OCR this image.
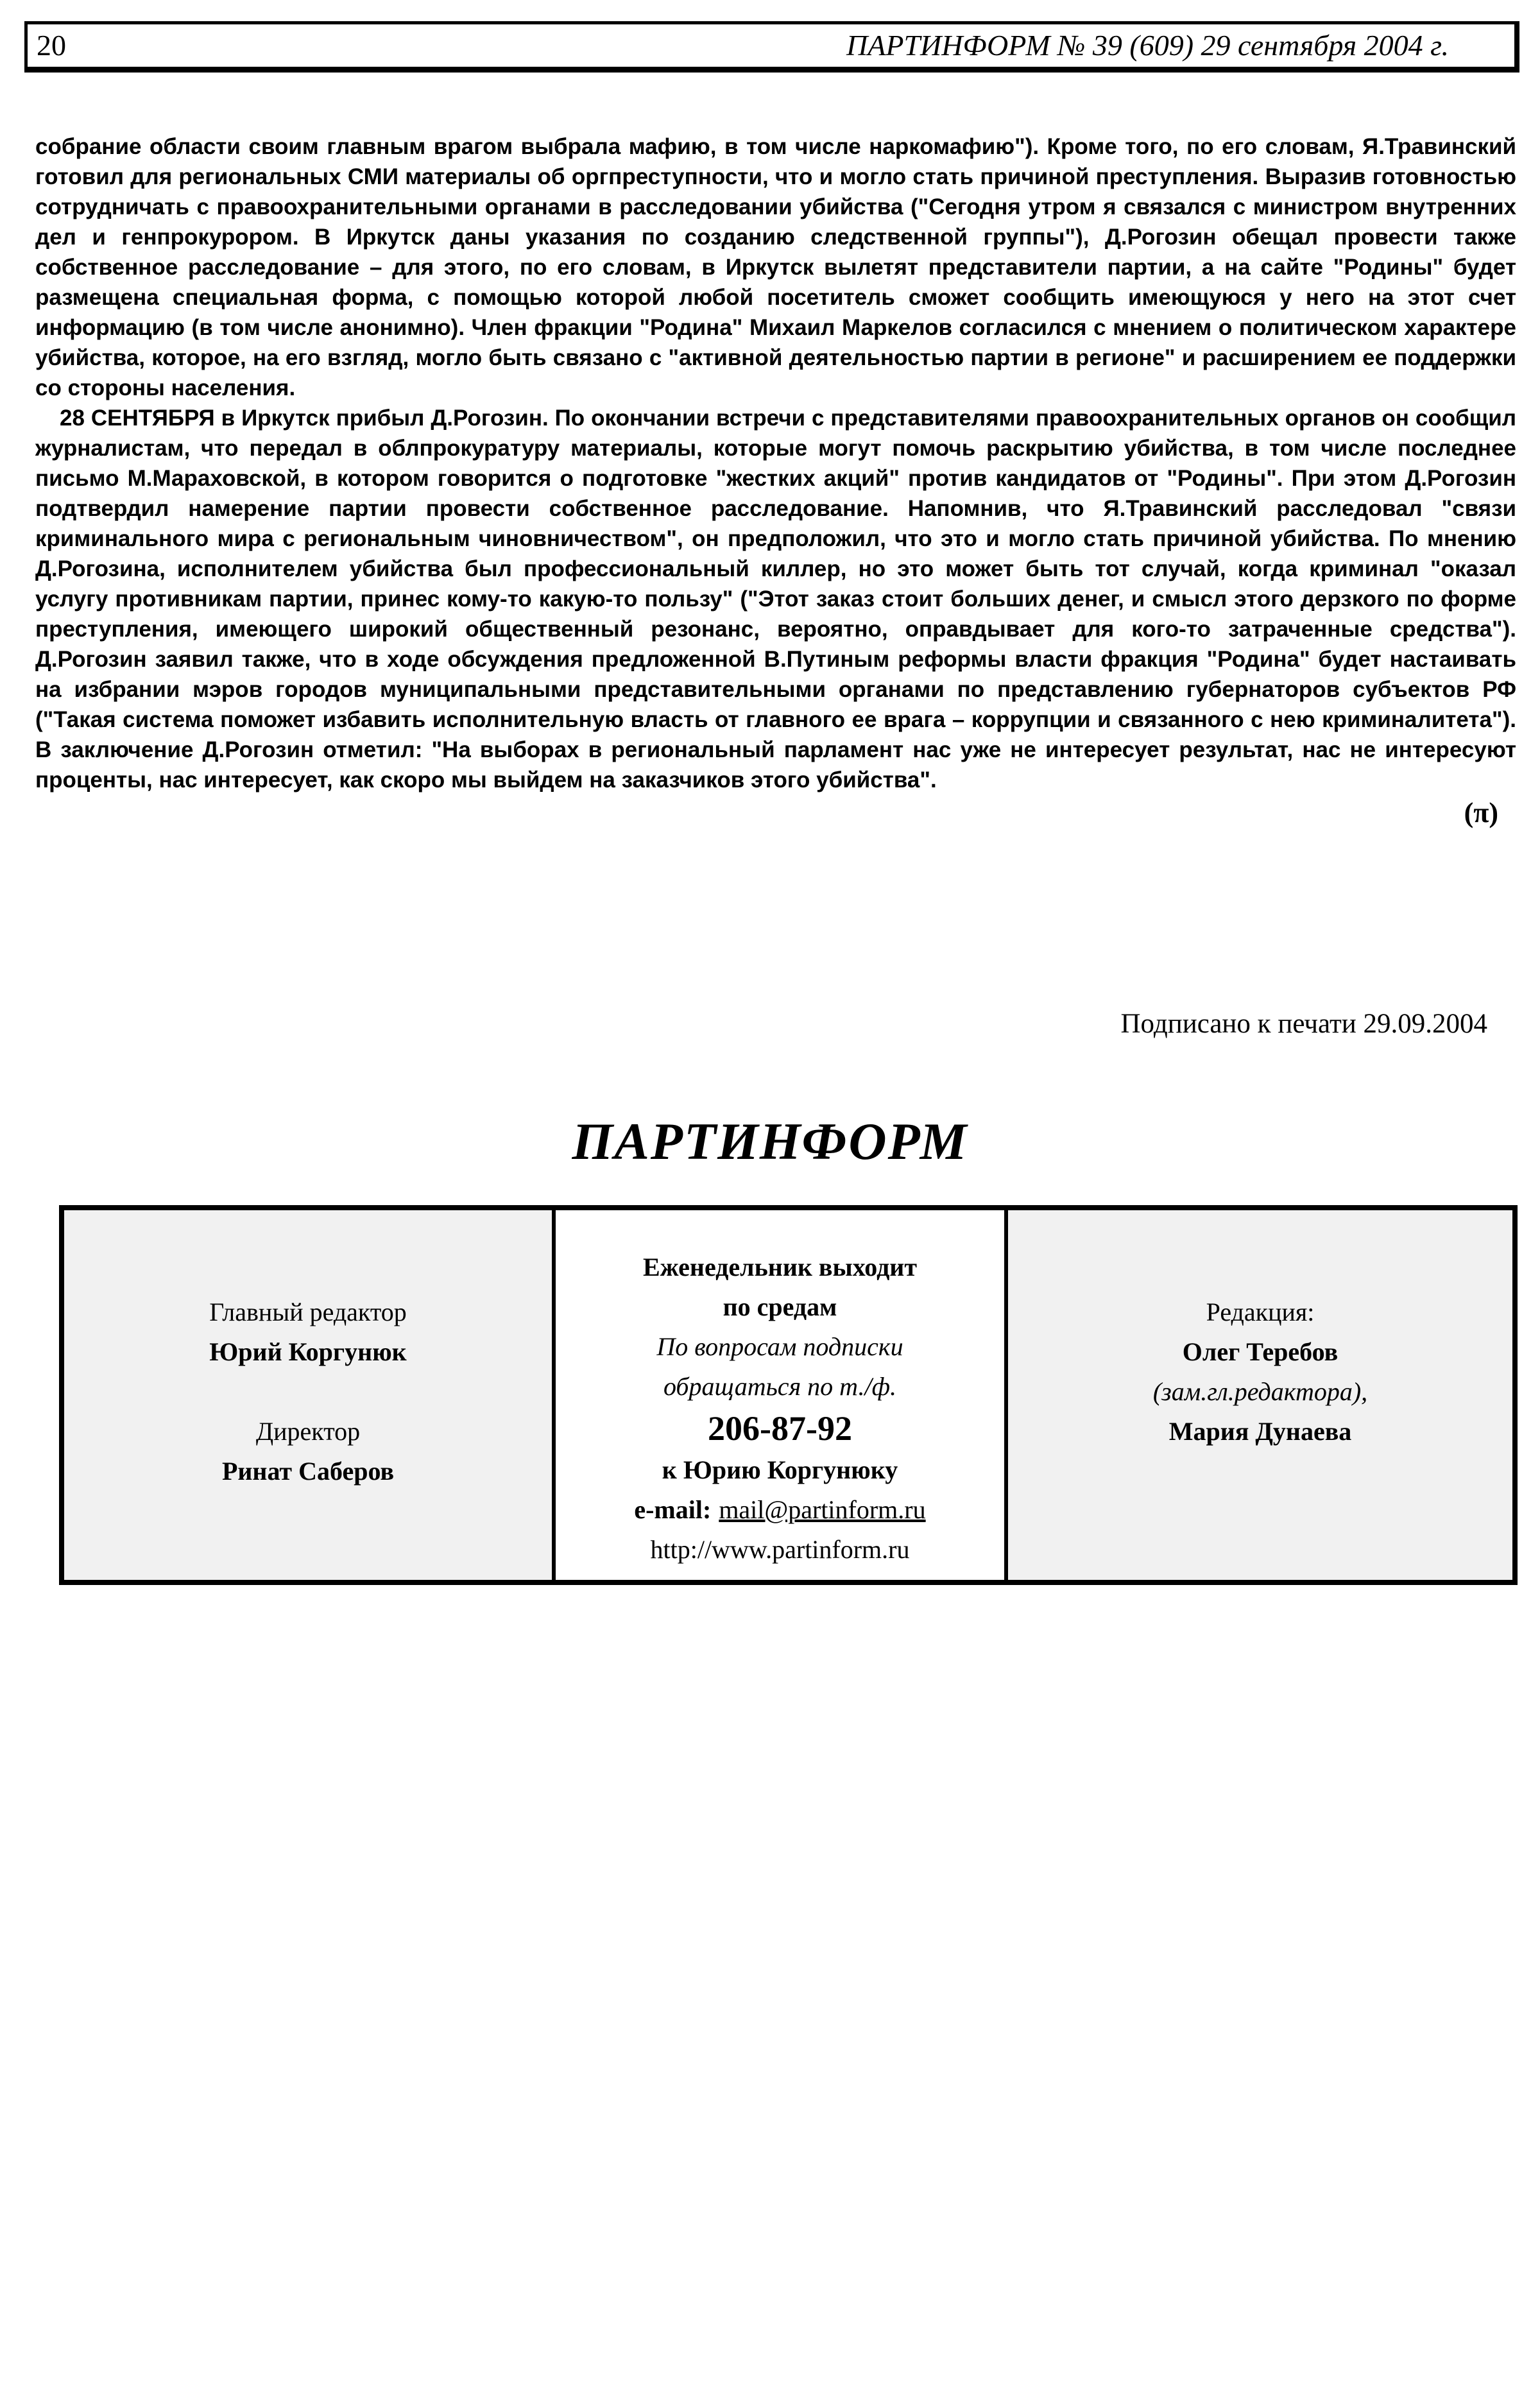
20	ПАРТИНФОРМ № 39 (609) 29 сентября 2004 г.

собрание области своим главным врагом выбрала мафию, в том числе наркомафию"). Кроме того, по его словам, Я.Травинский готовил для региональных СМИ материалы об оргпреступности, что и могло стать причиной преступления. Выразив готовностью сотрудничать с правоохранительными органами в расследовании убийства ("Сегодня утром я связался с министром внутренних дел и генпрокурором. В Иркутск даны указания по созданию следственной группы"), Д.Рогозин обещал провести также собственное расследование – для этого, по его словам, в Иркутск вылетят представители партии, а на сайте "Родины" будет размещена специальная форма, с помощью которой любой посетитель сможет сообщить имеющуюся у него на этот счет информацию (в том числе анонимно). Член фракции "Родина" Михаил Маркелов согласился с мнением о политическом характере убийства, которое, на его взгляд, могло быть связано с "активной деятельностью партии в регионе" и расширением ее поддержки со стороны населения.

28 СЕНТЯБРЯ в Иркутск прибыл Д.Рогозин. По окончании встречи с представителями правоохранительных органов он сообщил журналистам, что передал в облпрокуратуру материалы, которые могут помочь раскрытию убийства, в том числе последнее письмо М.Мараховской, в котором говорится о подготовке "жестких акций" против кандидатов от "Родины". При этом Д.Рогозин подтвердил намерение партии провести собственное расследование. Напомнив, что Я.Травинский расследовал "связи криминального мира с региональным чиновничеством", он предположил, что это и могло стать причиной убийства. По мнению Д.Рогозина, исполнителем убийства был профессиональный киллер, но это может быть тот случай, когда криминал "оказал услугу противникам партии, принес кому-то какую-то пользу" ("Этот заказ стоит больших денег, и смысл этого дерзкого по форме преступления, имеющего широкий общественный резонанс, вероятно, оправдывает для кого-то затраченные средства"). Д.Рогозин заявил также, что в ходе обсуждения предложенной В.Путиным реформы власти фракция "Родина" будет настаивать на избрании мэров городов муниципальными представительными органами по представлению губернаторов субъектов РФ ("Такая система поможет избавить исполнительную власть от главного ее врага – коррупции и связанного с нею криминалитета"). В заключение Д.Рогозин отметил: "На выборах в региональный парламент нас уже не интересует результат, нас не интересуют проценты, нас интересует, как скоро мы выйдем на заказчиков этого убийства".

(π)
Подписано к печати 29.09.2004
ПАРТИНФОРМ
Главный редактор
Юрий Коргунюк
Директор
Ринат Саберов
Еженедельник выходит
по средам
По вопросам подписки
обращаться по т./ф.
206-87-92
к Юрию Коргунюку
e-mail: mail@partinform.ru
http://www.partinform.ru
Редакция:
Олег Теребов
(зам.гл.редактора),
Мария Дунаева
